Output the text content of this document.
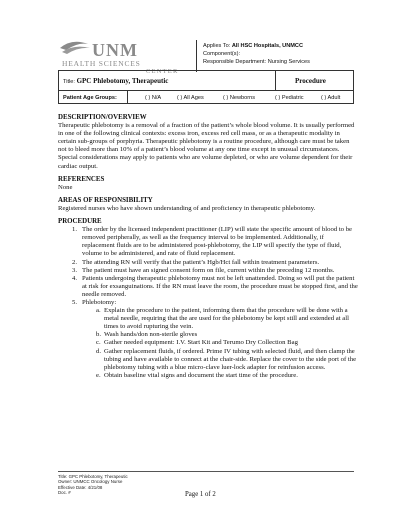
UNM
HEALTH SCIENCES
CENTER
Applies To: All HSC Hospitals, UNMCC
Component(s):
Responsible Department: Nursing Services
Title: GPC Phlebotomy, Therapeutic	Procedure
Patient Age Groups:	( ) N/A	( ) All Ages	( ) Newborns	( ) Pediatric	( ) Adult
DESCRIPTION/OVERVIEW
Therapeutic phlebotomy is a removal of a fraction of the patient’s whole blood volume. It is usually performed in one of the following clinical contexts: excess iron, excess red cell mass, or as a therapeutic modality in certain sub-groups of porphyria. Therapeutic phlebotomy is a routine procedure, although care must be taken not to bleed more than 10% of a patient’s blood volume at any one time except in unusual circumstances. Special considerations may apply to patients who are volume depleted, or who are volume dependent for their cardiac output.
REFERENCES
None
AREAS OF RESPONSIBILITY
Registered nurses who have shown understanding of and proficiency in therapeutic phlebotomy.
PROCEDURE
1. The order by the licensed independent practitioner (LIP) will state the specific amount of blood to be removed peripherally, as well as the frequency interval to be implemented. Additionally, if replacement fluids are to be administered post-phlebotomy, the LIP will specify the type of fluid, volume to be administered, and rate of fluid replacement.
2. The attending RN will verify that the patient’s Hgb/Hct fall within treatment parameters.
3. The patient must have an signed consent form on file, current within the preceding 12 months.
4. Patients undergoing therapeutic phlebotomy must not be left unattended. Doing so will put the patient at risk for exsanguinations. If the RN must leave the room, the procedure must be stopped first, and the needle removed.
5. Phlebotomy:
a. Explain the procedure to the patient, informing them that the procedure will be done with a metal needle, requiring that the are used for the phlebotomy be kept still and extended at all times to avoid rupturing the vein.
b. Wash hands/don non-sterile gloves
c. Gather needed equipment: I.V. Start Kit and Terumo Dry Collection Bag
d. Gather replacement fluids, if ordered. Prime IV tubing with selected fluid, and then clamp the tubing and have available to connect at the chair-side. Replace the cover to the side port of the phlebotomy tubing with a blue micro-clave luer-lock adapter for reinfusion access.
e. Obtain baseline vital signs and document the start time of the procedure.
Title: GPC Phlebotomy, Therapeutic
Owner: UNMCC Oncology Nurse
Effective Date: 4/21/08
Doc. #	Page 1 of 2
